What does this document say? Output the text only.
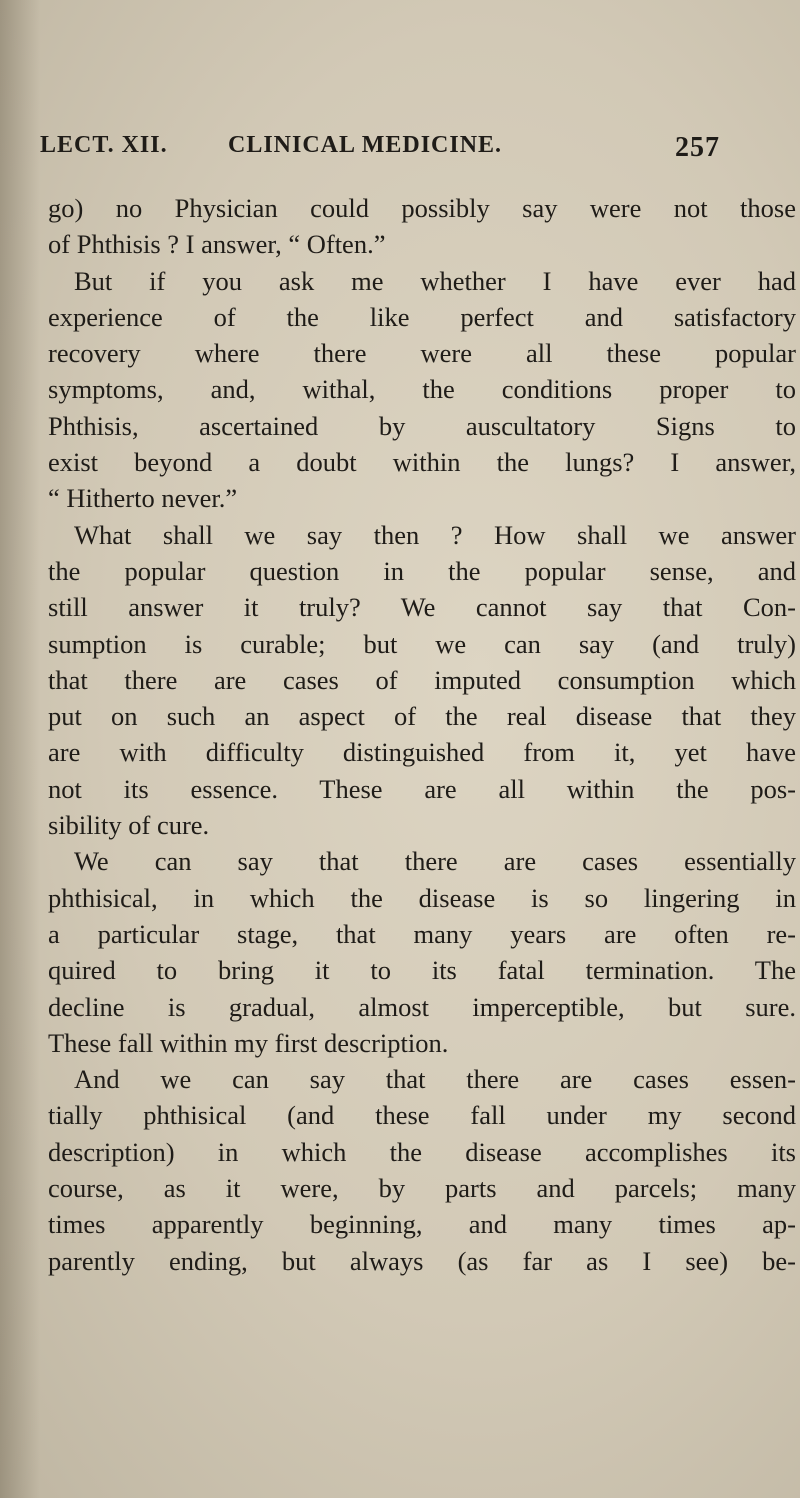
LECT. XII.	CLINICAL MEDICINE.	257
go) no Physician could possibly say were not those
of Phthisis ? I answer, “ Often.”
But if you ask me whether I have ever had
experience of the like perfect and satisfactory
recovery where there were all these popular
symptoms, and, withal, the conditions proper to
Phthisis, ascertained by auscultatory Signs to
exist beyond a doubt within the lungs? I answer,
“ Hitherto never.”
What shall we say then ? How shall we answer
the popular question in the popular sense, and
still answer it truly? We cannot say that Con-
sumption is curable; but we can say (and truly)
that there are cases of imputed consumption which
put on such an aspect of the real disease that they
are with difficulty distinguished from it, yet have
not its essence. These are all within the pos-
sibility of cure.
We can say that there are cases essentially
phthisical, in which the disease is so lingering in
a particular stage, that many years are often re-
quired to bring it to its fatal termination. The
decline is gradual, almost imperceptible, but sure.
These fall within my first description.
And we can say that there are cases essen-
tially phthisical (and these fall under my second
description) in which the disease accomplishes its
course, as it were, by parts and parcels; many
times apparently beginning, and many times ap-
parently ending, but always (as far as I see) be-
